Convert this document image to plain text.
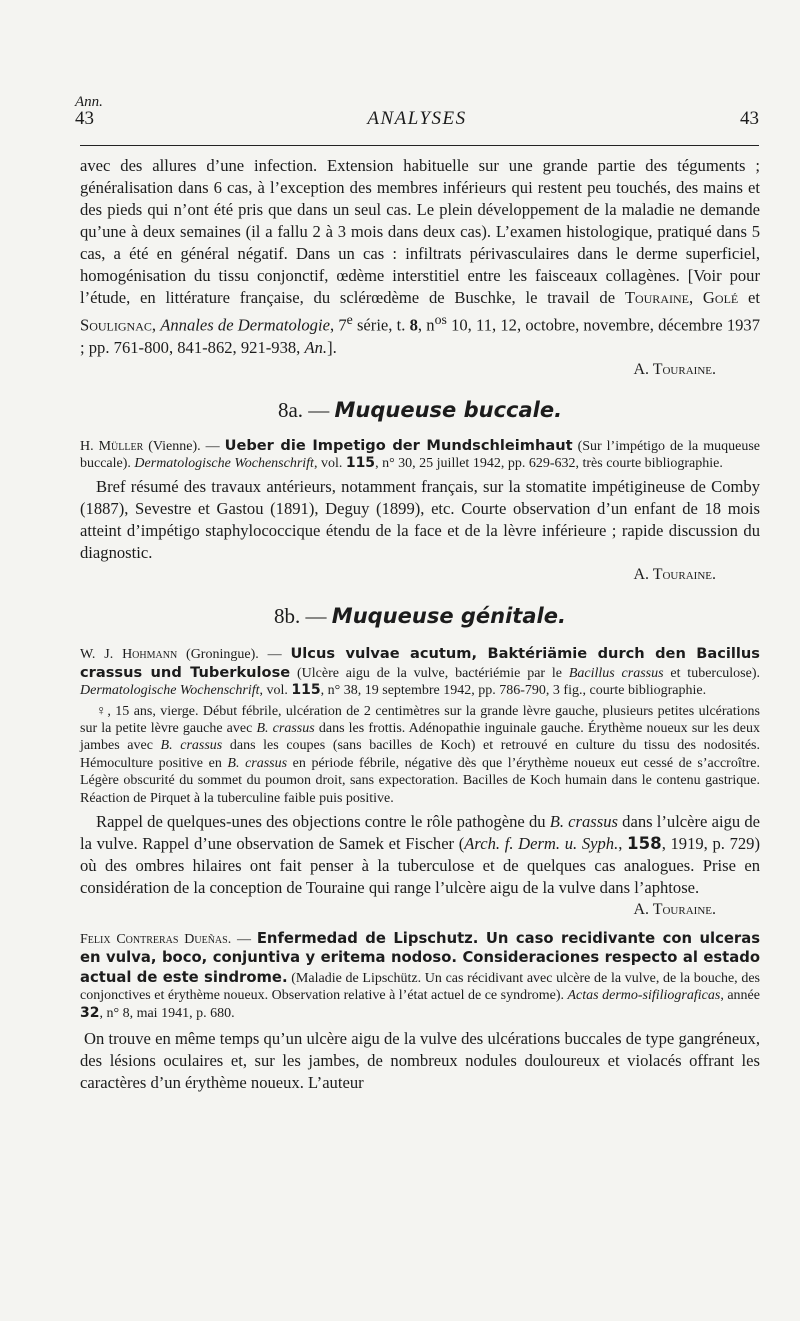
Ann.
43	ANALYSES	43

avec des allures d’une infection. Extension habituelle sur une grande partie des téguments ; généralisation dans 6 cas, à l’exception des membres inférieurs qui restent peu touchés, des mains et des pieds qui n’ont été pris que dans un seul cas. Le plein développement de la maladie ne demande qu’une à deux semaines (il a fallu 2 à 3 mois dans deux cas). L’examen histologique, pratiqué dans 5 cas, a été en général négatif. Dans un cas : infiltrats périvasculaires dans le derme superficiel, homogénisation du tissu conjonctif, œdème interstitiel entre les faisceaux collagènes. [Voir pour l’étude, en littérature française, du sclérœdème de Buschke, le travail de Touraine, Golé et Soulignac, Annales de Dermatologie, 7e série, t. 8, $n^{os}$ 10, 11, 12, octobre, novembre, décembre 1937 ; pp. 761-800, 841-862, 921-938, An.].

A. Touraine.
8a. — Muqueuse buccale.

H. Müller (Vienne). — Ueber die Impetigo der Mundschleimhaut (Sur l’impétigo de la muqueuse buccale). Dermatologische Wochenschrift, vol. 115, n° 30, 25 juillet 1942, pp. 629-632, très courte bibliographie.

Bref résumé des travaux antérieurs, notamment français, sur la stomatite impétigineuse de Comby (1887), Sevestre et Gastou (1891), Deguy (1899), etc. Courte observation d’un enfant de 18 mois atteint d’impétigo staphylococcique étendu de la face et de la lèvre inférieure ; rapide discussion du diagnostic.

A. Touraine.
8b. — Muqueuse génitale.

W. J. Hohmann (Groningue). — Ulcus vulvae acutum, Baktériämie durch den Bacillus crassus und Tuberkulose (Ulcère aigu de la vulve, bactériémie par le Bacillus crassus et tuberculose). Dermatologische Wochenschrift, vol. 115, n° 38, 19 septembre 1942, pp. 786-790, 3 fig., courte bibliographie.

♀, 15 ans, vierge. Début fébrile, ulcération de 2 centimètres sur la grande lèvre gauche, plusieurs petites ulcérations sur la petite lèvre gauche avec B. crassus dans les frottis. Adénopathie inguinale gauche. Érythème noueux sur les deux jambes avec B. crassus dans les coupes (sans bacilles de Koch) et retrouvé en culture du tissu des nodosités. Hémoculture positive en B. crassus en période fébrile, négative dès que l’érythème noueux eut cessé de s’accroître. Légère obscurité du sommet du poumon droit, sans expectoration. Bacilles de Koch humain dans le contenu gastrique. Réaction de Pirquet à la tuberculine faible puis positive.

Rappel de quelques-unes des objections contre le rôle pathogène du B. crassus dans l’ulcère aigu de la vulve. Rappel d’une observation de Samek et Fischer (Arch. f. Derm. u. Syph., 158, 1919, p. 729) où des ombres hilaires ont fait penser à la tuberculose et de quelques cas analogues. Prise en considération de la conception de Touraine qui range l’ulcère aigu de la vulve dans l’aphtose.

A. Touraine.

Felix Contreras Dueñas. — Enfermedad de Lipschutz. Un caso recidivante con ulceras en vulva, boco, conjuntiva y eritema nodoso. Consideraciones respecto al estado actual de este sindrome. (Maladie de Lipschütz. Un cas récidivant avec ulcère de la vulve, de la bouche, des conjonctives et érythème noueux. Observation relative à l’état actuel de ce syndrome). Actas dermo-sifiliograficas, année 32, n° 8, mai 1941, p. 680.

On trouve en même temps qu’un ulcère aigu de la vulve des ulcérations buccales de type gangréneux, des lésions oculaires et, sur les jambes, de nombreux nodules douloureux et violacés offrant les caractères d’un érythème noueux. L’auteur
